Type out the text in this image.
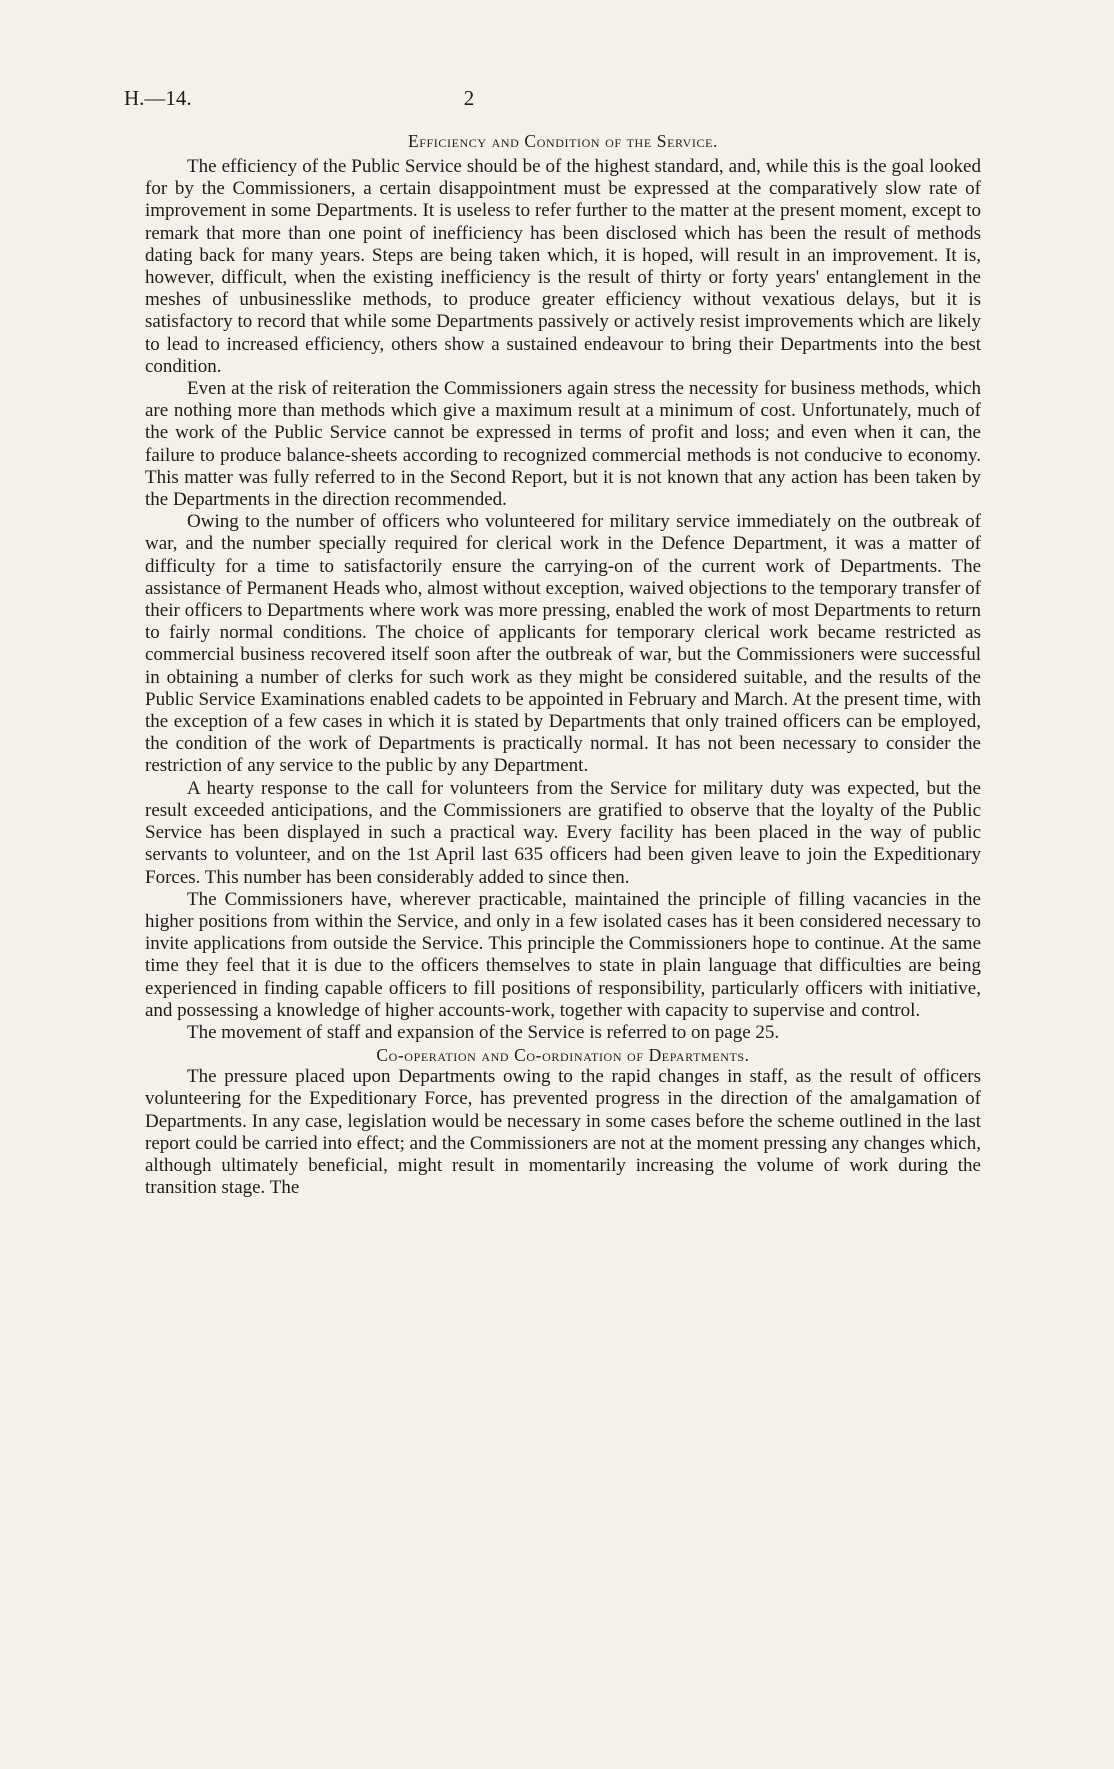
H.—14.	2
Efficiency and Condition of the Service.

The efficiency of the Public Service should be of the highest standard, and, while this is the goal looked for by the Commissioners, a certain disappointment must be expressed at the comparatively slow rate of improvement in some Departments. It is useless to refer further to the matter at the present moment, except to remark that more than one point of inefficiency has been disclosed which has been the result of methods dating back for many years. Steps are being taken which, it is hoped, will result in an improvement. It is, however, difficult, when the existing inefficiency is the result of thirty or forty years' entanglement in the meshes of unbusinesslike methods, to produce greater efficiency without vexatious delays, but it is satisfactory to record that while some Departments passively or actively resist improvements which are likely to lead to increased efficiency, others show a sustained endeavour to bring their Departments into the best condition.

Even at the risk of reiteration the Commissioners again stress the necessity for business methods, which are nothing more than methods which give a maximum result at a minimum of cost. Unfortunately, much of the work of the Public Service cannot be expressed in terms of profit and loss; and even when it can, the failure to produce balance-sheets according to recognized commercial methods is not conducive to economy. This matter was fully referred to in the Second Report, but it is not known that any action has been taken by the Departments in the direction recommended.

Owing to the number of officers who volunteered for military service immediately on the outbreak of war, and the number specially required for clerical work in the Defence Department, it was a matter of difficulty for a time to satisfactorily ensure the carrying-on of the current work of Departments. The assistance of Permanent Heads who, almost without exception, waived objections to the temporary transfer of their officers to Departments where work was more pressing, enabled the work of most Departments to return to fairly normal conditions. The choice of applicants for temporary clerical work became restricted as commercial business recovered itself soon after the outbreak of war, but the Commissioners were successful in obtaining a number of clerks for such work as they might be considered suitable, and the results of the Public Service Examinations enabled cadets to be appointed in February and March. At the present time, with the exception of a few cases in which it is stated by Departments that only trained officers can be employed, the condition of the work of Departments is practically normal. It has not been necessary to consider the restriction of any service to the public by any Department.

A hearty response to the call for volunteers from the Service for military duty was expected, but the result exceeded anticipations, and the Commissioners are gratified to observe that the loyalty of the Public Service has been displayed in such a practical way. Every facility has been placed in the way of public servants to volunteer, and on the 1st April last 635 officers had been given leave to join the Expeditionary Forces. This number has been considerably added to since then.

The Commissioners have, wherever practicable, maintained the principle of filling vacancies in the higher positions from within the Service, and only in a few isolated cases has it been considered necessary to invite applications from outside the Service. This principle the Commissioners hope to continue. At the same time they feel that it is due to the officers themselves to state in plain language that difficulties are being experienced in finding capable officers to fill positions of responsibility, particularly officers with initiative, and possessing a knowledge of higher accounts-work, together with capacity to supervise and control.

The movement of staff and expansion of the Service is referred to on page 25.

Co-operation and Co-ordination of Departments.

The pressure placed upon Departments owing to the rapid changes in staff, as the result of officers volunteering for the Expeditionary Force, has prevented progress in the direction of the amalgamation of Departments. In any case, legislation would be necessary in some cases before the scheme outlined in the last report could be carried into effect; and the Commissioners are not at the moment pressing any changes which, although ultimately beneficial, might result in momentarily increasing the volume of work during the transition stage. The
